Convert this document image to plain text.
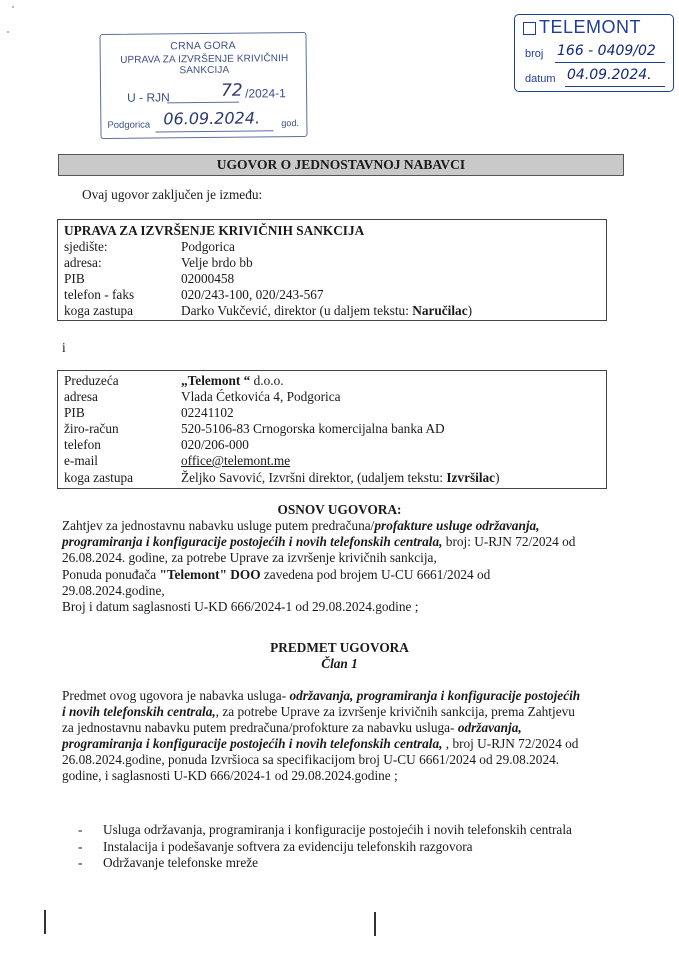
CRNA GORA
UPRAVA ZA IZVRŠENJE KRIVIČNIH SANKCIJA
U - RJN	72 /2024-1
Podgorica 06.09.2024. god.
TELEMONT
broj 166 - 0409/02
datum 04.09.2024.
UGOVOR O JEDNOSTAVNOJ NABAVCI
Ovaj ugovor zaključen je između:
UPRAVA ZA IZVRŠENJE KRIVIČNIH SANKCIJA
sjedište:	Podgorica
adresa:	Velje brdo bb
PIB	02000458
telefon - faks	020/243-100, 020/243-567
koga zastupa	Darko Vukčević, direktor (u daljem tekstu: Naručilac)
i
Preduzeća	„Telemont “ d.o.o.
adresa	Vlada Ćetkovića 4, Podgorica
PIB	02241102
žiro-račun	520-5106-83 Crnogorska komercijalna banka AD
telefon	020/206-000
e-mail	office@telemont.me
koga zastupa	Željko Savović, Izvršni direktor, (udaljem tekstu: Izvršilac)
OSNOV UGOVORA:
Zahtjev za jednostavnu nabavku usluge putem predračuna/profakture usluge održavanja,
programiranja i konfiguracije postojećih i novih telefonskih centrala, broj: U-RJN 72/2024 od
26.08.2024. godine, za potrebe Uprave za izvršenje krivičnih sankcija,
Ponuda ponuđača "Telemont" DOO zavedena pod brojem U-CU 6661/2024 od
29.08.2024.godine,
Broj i datum saglasnosti U-KD 666/2024-1 od 29.08.2024.godine ;
PREDMET UGOVORA
Član 1
Predmet ovog ugovora je nabavka usluga- održavanja, programiranja i konfiguracije postojećih
i novih telefonskih centrala,, za potrebe Uprave za izvršenje krivičnih sankcija, prema Zahtjevu
za jednostavnu nabavku putem predračuna/profokture za nabavku usluga- održavanja,
programiranja i konfiguracije postojećih i novih telefonskih centrala, , broj U-RJN 72/2024 od
26.08.2024.godine, ponuda Izvršioca sa specifikacijom broj U-CU 6661/2024 od 29.08.2024.
godine, i saglasnosti U-KD 666/2024-1 od 29.08.2024.godine ;
- Usluga održavanja, programiranja i konfiguracije postojećih i novih telefonskih centrala
- Instalacija i podešavanje softvera za evidenciju telefonskih razgovora
- Održavanje telefonske mreže
